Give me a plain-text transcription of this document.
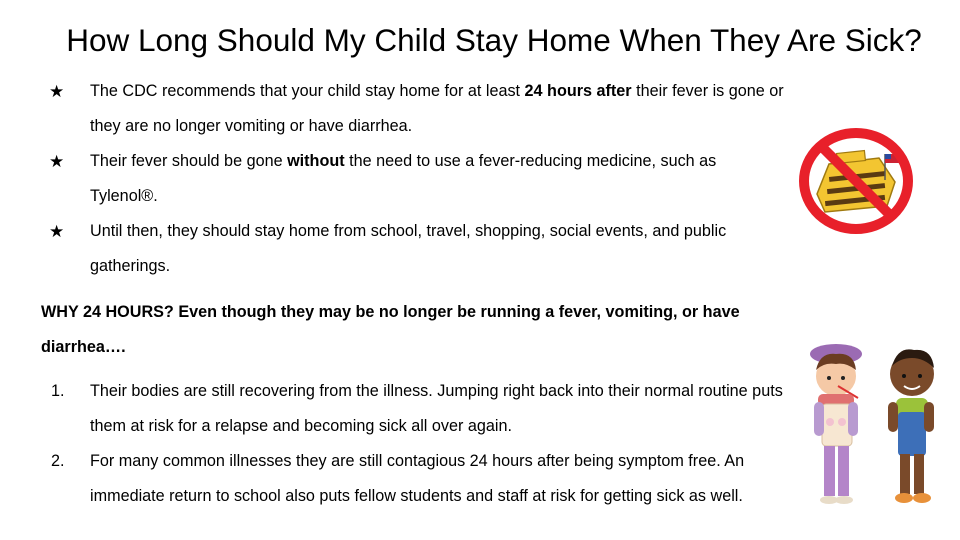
How Long Should My Child Stay Home When They Are Sick?
★ The CDC recommends that your child stay home for at least 24 hours after their fever is gone or they are no longer vomiting or have diarrhea.
★ Their fever should be gone without the need to use a fever-reducing medicine, such as Tylenol®.
★ Until then, they should stay home from school, travel, shopping, social events, and public gatherings.

WHY 24 HOURS? Even though they may be no longer be running a fever, vomiting, or have diarrhea….

1. Their bodies are still recovering from the illness. Jumping right back into their normal routine puts them at risk for a relapse and becoming sick all over again.
2. For many common illnesses they are still contagious 24 hours after being symptom free. An immediate return to school also puts fellow students and staff at risk for getting sick as well.
